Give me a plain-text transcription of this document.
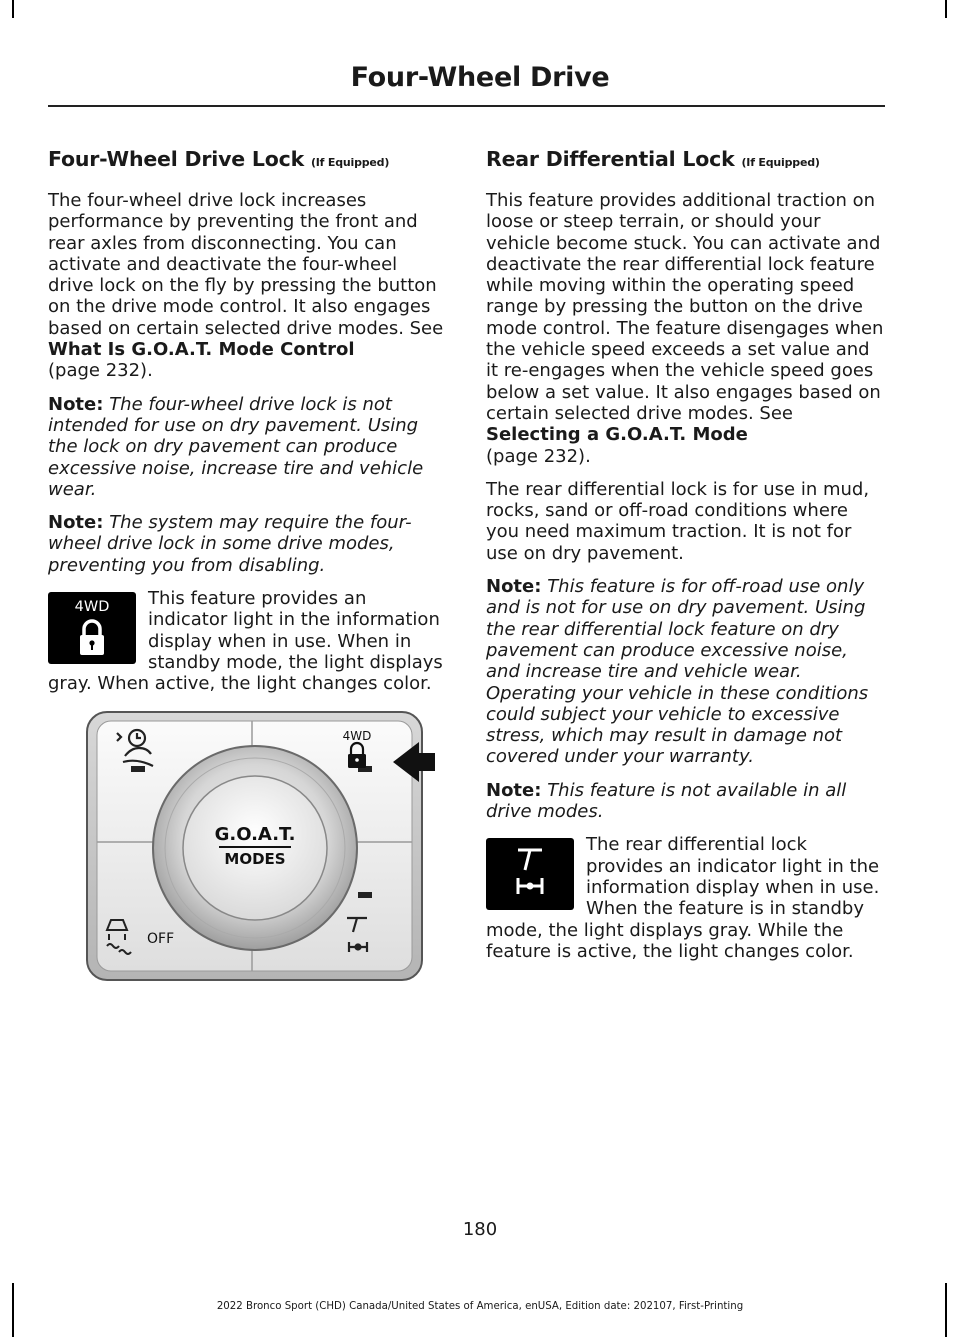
Four-Wheel Drive
Four-Wheel Drive Lock (If Equipped)

The four-wheel drive lock increases performance by preventing the front and rear axles from disconnecting. You can activate and deactivate the four-wheel drive lock on the fly by pressing the button on the drive mode control. It also engages based on certain selected drive modes. See What Is G.O.A.T. Mode Control
(page 232).

Note: The four-wheel drive lock is not intended for use on dry pavement. Using the lock on dry pavement can produce excessive noise, increase tire and vehicle wear.

Note: The system may require the four-wheel drive lock in some drive modes, preventing you from disabling.

4WD	This feature provides an indicator light in the information display when in use. When in standby mode, the light displays gray. When active, the light changes color.
G.O.A.T.
MODES
4WD
OFF
Rear Differential Lock (If Equipped)

This feature provides additional traction on loose or steep terrain, or should your vehicle become stuck. You can activate and deactivate the rear differential lock feature while moving within the operating speed range by pressing the button on the drive mode control. The feature disengages when the vehicle speed exceeds a set value and it re-engages when the vehicle speed goes below a set value. It also engages based on certain selected drive modes. See Selecting a G.O.A.T. Mode
(page 232).

The rear differential lock is for use in mud, rocks, sand or off-road conditions where you need maximum traction. It is not for use on dry pavement.

Note: This feature is for off-road use only and is not for use on dry pavement. Using the rear differential lock feature on dry pavement can produce excessive noise, and increase tire and vehicle wear. Operating your vehicle in these conditions could subject your vehicle to excessive stress, which may result in damage not covered under your warranty.

Note: This feature is not available in all drive modes.

The rear differential lock provides an indicator light in the information display when in use. When the feature is in standby mode, the light displays gray. While the feature is active, the light changes color.
180
2022 Bronco Sport (CHD) Canada/United States of America, enUSA, Edition date: 202107, First-Printing
